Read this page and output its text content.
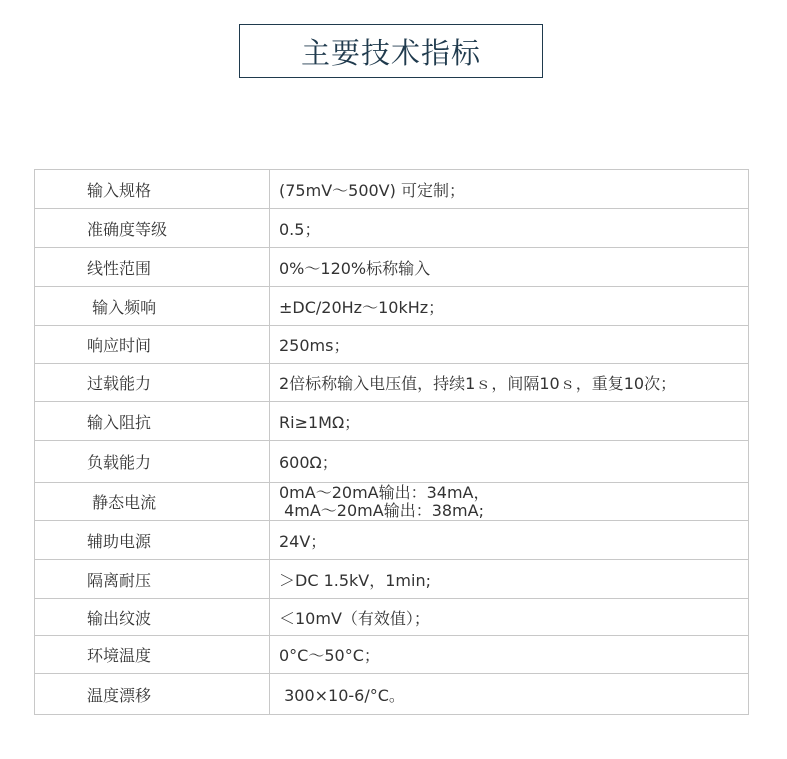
主要技术指标
输入规格	(75mV～500V) 可定制；
准确度等级	0.5；
线性范围	0%～120%标称输入
输入频响	±DC/20Hz～10kHz；
响应时间	250ms；
过载能力	2倍标称输入电压值，持续1ｓ，间隔10ｓ，重复10次；
输入阻抗	Ri≥1MΩ；
负载能力	600Ω；
静态电流	0mA～20mA输出：34mA，
4mA～20mA输出：38mA;

辅助电源	24V；
隔离耐压	＞DC 1.5kV，1min;
输出纹波	＜10mV（有效值）；
环境温度	0°C～50°C；
温度漂移	300×10-6/°C。
